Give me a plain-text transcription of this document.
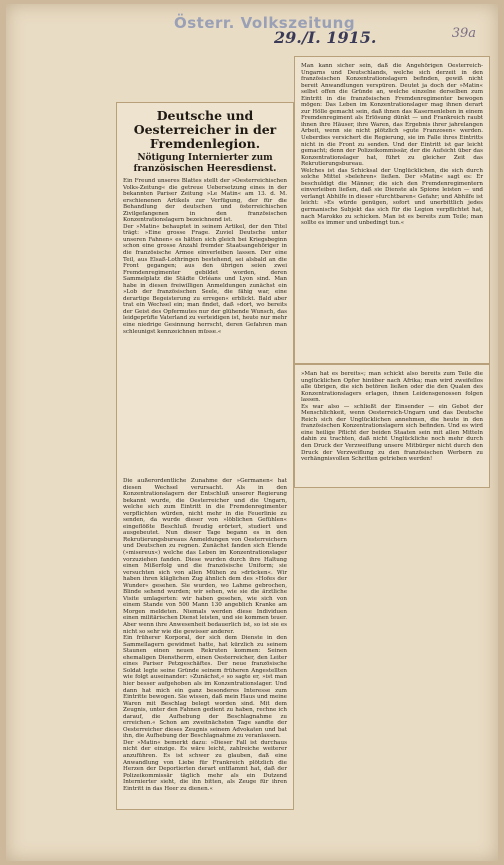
Österr. Volkszeitung

29./I. 1915.	39a

Deutsche und Oesterreicher in der Fremdenlegion.
Nötigung Internierter zum französischen Heeresdienst.
Ein Freund unseres Blattes stellt der »Oesterreichischen Volks-Zeitung« die getreue Uebersetzung eines in der bekannten Pariser Zeitung »Le Matin« am 13. d. M. erschienenen Artikels zur Verfügung, der für die Behandlung der deutschen und österreichischen Zivilgefangenen in den französischen Konzentrationslagern bezeichnend ist.
Der »Matin« behauptet in seinem Artikel, der den Titel trägt: »Eine grosse Frage. Zuviel Deutsche unter unseren Fahnen« es hätten sich gleich bei Kriegsbeginn schon eine grosse Anzahl fremder Staatsangehöriger in die französische Armee einverleiben lassen. Der eine Teil, aus Elsaß-Lothringen bestehend, sei alsbald an die Front gegangen; aus den übrigen seien zwei Fremdenregimenter gebildet worden, deren Sammelplatz die Städte Orléans und Lyon sind. Man habe in diesen freiwilligen Anmeldungen zunächst ein »Lob der französischen Seele, die fähig war, eine derartige Begeisterung zu erregen« erblickt. Bald aber trat ein Wechsel ein; man findet, daß »dort, wo bereits der Geist des Opfermutes nur der glühende Wunsch, das leidgeprüfte Vaterland zu verteidigen ist, heute nur mehr eine niedrige Gesinnung herrscht, deren Gefahren man schleunigst kennzeichnen müsse.«
Die außerordentliche Zunahme der »Germanen« hat diesen Wechsel verursacht. Als in den Konzentrationslagern der Entschluß unserer Regierung bekannt wurde, die Oesterreicher und die Ungarn, welche sich zum Eintritt in die Fremdenregimenter verpflichten würden, nicht mehr in die Feuerlinie zu senden, da wurde dieser von »löblichen Gefühlen« eingeflößte Beschluß freudig erörtert, studiert und ausgebeutet. Nun dieser Tage begann es in den Rekrutierungsbureaus Anmeldungen von Oesterreichern und Deutschen zu regnen. Zunächst fanden sich Elende (»misereux«) welche das Leben im Konzentrationslager vorzuziehen fanden. Diese wurden durch ihre Haltung einen Mißerfolg und die französische Uniform; sie versuchten sich von allen Mühen zu »drücken«. Wir haben ihren kläglichen Zug ähnlich dem des »Hofes der Wunder« gesehen. Sie wurden, wo Lahme gebrochen, Blinde sehend wurden; wir sehen, wie sie die ärztliche Visite umlagerten: wir haben gesehen, wie sich von einem Stande von 500 Mann 130 angeblich Kranke am Morgen meldeten. Niemals werden diese Individuen einen militärischen Dienst leisten, und sie kommen teuer. Aber wenn ihre Anwesenheit bedauerlich ist, so ist sie es nicht so sehr wie die gewisser anderer.
Ein früherer Korporal, der sich dem Dienste in den Sammellagern gewidmet hatte, hat kürzlich zu seinem Staunen einen neuen Rekruten kommen: Seinen ehemaligen Dienstherrn, einen Oesterreicher, den Leiter eines Pariser Petzgeschäftes. Der neue französische Soldat legte seine Gründe seinem früheren Angestellten wie folgt auseinander: »Zunächst,« so sagte er, »ist man hier besser aufgehoben als im Konzentrationslager. Und dann hat mich ein ganz besonderes Interesse zum Eintritte bewogen. Sie wissen, daß mein Haus und meine Waren mit Beschlag belegt worden sind. Mit dem Zeugnis, unter den Fahnen gedient zu haben, rechne ich darauf, die Aufhebung der Beschlagnahme zu erreichen.« Schon am zweitnächsten Tage sandte der Oesterreicher dieses Zeugnis seinem Advokaten und bat ihn, die Aufhebung der Beschlagnahme zu veranlassen.
Der »Matin« bemerkt dazu: »Dieser Fall ist durchaus nicht der einzige. Es wäre leicht, zahlreiche weiterer anzuführen. Es ist schwer zu glauben, daß eine Anwandlung von Liebe für Frankreich plötzlich die Herzen der Deportierten derart entflammt hat, daß der Polizeikommissär täglich mehr als ein Dutzend Internierter sieht, die ihn bitten, als Zeuge für ihren Eintritt in das Heer zu dienen.«
Man kann sicher sein, daß die Angehörigen Oesterreich-Ungarns und Deutschlands, welche sich derzeit in den französischen Konzentrationslagern befinden, gewiß nicht bereit Anwandlungen verspüren. Deutet ja doch der »Matin« selbst offen die Gründe an, welche einzelne derselben zum Eintritt in die französischen Fremdenregimenter bewogen mögen: Das Leben im Konzentrationslager mag ihnen derart zur Hölle gemacht sein, daß ihnen das Kasernenleben in einem Fremdenregiment als Erlösung dünkt — und Frankreich raubt ihnen ihre Häuser, ihre Waren, das Ergebnis ihrer jahrelangen Arbeit, wenn sie nicht plötzlich »gute Franzosen« werden. Ueberdies versichert die Regierung, sie im Falle ihres Eintritts nicht in die Front zu senden. Und der Eintritt ist gar leicht gemacht; denn der Polizeikommissär, der die Aufsicht über das Konzentrationslager hat, führt zu gleicher Zeit das Rekrutierungsbureau.
Welches ist das Schicksal der Unglücklichen, die sich durch solche Mittel »belehren« ließen. Der »Matin« sagt es: Er beschuldigt die Männer, die sich den Fremdenregimentern einverleiben ließen, daß sie Dienste als Spione leisten — und verlangt Abhilfe in dieser »furchtbaren« Gefahr; und Abhilfe ist leicht: »Es würde genügen, sofort und unerbittlich jedes germanische Subjekt das sich für die Legion verpflichtet hat, nach Marokko zu schicken. Man ist es bereits zum Teile; man sollte es immer und unbedingt tun.«
»Man hat es bereits«; man schickt also bereits zum Teile die unglücklichen Opfer hinüber nach Afrika; man wird zweifellos alle übrigen, die sich betören ließen oder die den Qualen des Konzentrationslagers erlagen, ihnen Leidensgenossen folgen lassen.
Es war also — schließt der Einsender — ein Gebot der Menschlichkeit, wenn Oesterreich-Ungarn und das Deutsche Reich sich der Unglücklichen annehmen, die heute in den französischen Konzentrationslagern sich befinden. Und es wird eine heilige Pflicht der beiden Staaten sein mit allen Mitteln dahin zu trachten, daß nicht Unglückliche noch mehr durch den Druck der Verzweiflung unsere Mitbürger nicht durch den Druck der Verzweiflung zu den französischen Werbern zu verhängnisvollen Schritten getrieben werden!
